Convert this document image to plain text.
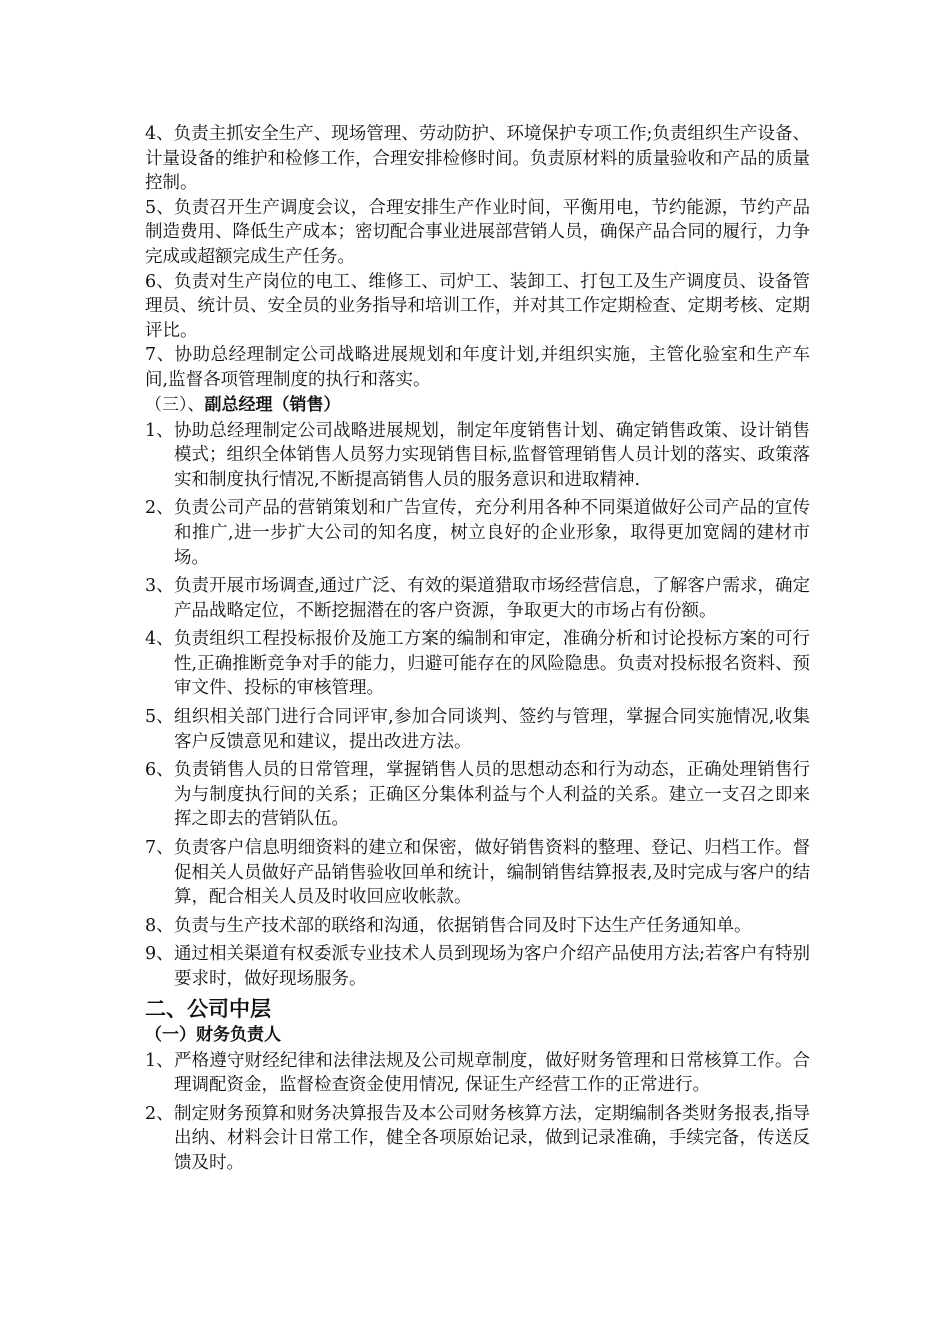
4、负责主抓安全生产、现场管理、劳动防护、环境保护专项工作;负责组织生产设备、计量设备的维护和检修工作，合理安排检修时间。负责原材料的质量验收和产品的质量控制。

5、负责召开生产调度会议，合理安排生产作业时间，平衡用电，节约能源，节约产品制造费用、降低生产成本；密切配合事业进展部营销人员，确保产品合同的履行，力争完成或超额完成生产任务。

6、负责对生产岗位的电工、维修工、司炉工、装卸工、打包工及生产调度员、设备管理员、统计员、安全员的业务指导和培训工作，并对其工作定期检查、定期考核、定期评比。

7、协助总经理制定公司战略进展规划和年度计划,并组织实施，主管化验室和生产车间,监督各项管理制度的执行和落实。

（三）、副总经理（销售）
1、 协助总经理制定公司战略进展规划，制定年度销售计划、确定销售政策、设计销售模式；组织全体销售人员努力实现销售目标,监督管理销售人员计划的落实、政策落实和制度执行情况,不断提高销售人员的服务意识和进取精神.
2、 负责公司产品的营销策划和广告宣传，充分利用各种不同渠道做好公司产品的宣传和推广,进一步扩大公司的知名度，树立良好的企业形象，取得更加宽阔的建材市场。
3、 负责开展市场调查,通过广泛、有效的渠道猎取市场经营信息，了解客户需求，确定产品战略定位，不断挖掘潜在的客户资源，争取更大的市场占有份额。
4、 负责组织工程投标报价及施工方案的编制和审定，准确分析和讨论投标方案的可行性,正确推断竞争对手的能力，归避可能存在的风险隐患。负责对投标报名资料、预审文件、投标的审核管理。
5、 组织相关部门进行合同评审,参加合同谈判、签约与管理，掌握合同实施情况,收集客户反馈意见和建议，提出改进方法。
6、 负责销售人员的日常管理，掌握销售人员的思想动态和行为动态，正确处理销售行为与制度执行间的关系；正确区分集体利益与个人利益的关系。建立一支召之即来挥之即去的营销队伍。
7、 负责客户信息明细资料的建立和保密，做好销售资料的整理、登记、归档工作。督促相关人员做好产品销售验收回单和统计，编制销售结算报表,及时完成与客户的结算，配合相关人员及时收回应收帐款。
8、 负责与生产技术部的联络和沟通，依据销售合同及时下达生产任务通知单。
9、 通过相关渠道有权委派专业技术人员到现场为客户介绍产品使用方法;若客户有特别要求时，做好现场服务。
二、公司中层
（一）财务负责人
1、 严格遵守财经纪律和法律法规及公司规章制度，做好财务管理和日常核算工作。合理调配资金，监督检查资金使用情况, 保证生产经营工作的正常进行。
2、 制定财务预算和财务决算报告及本公司财务核算方法，定期编制各类财务报表,指导出纳、材料会计日常工作，健全各项原始记录，做到记录准确，手续完备，传送反馈及时。
